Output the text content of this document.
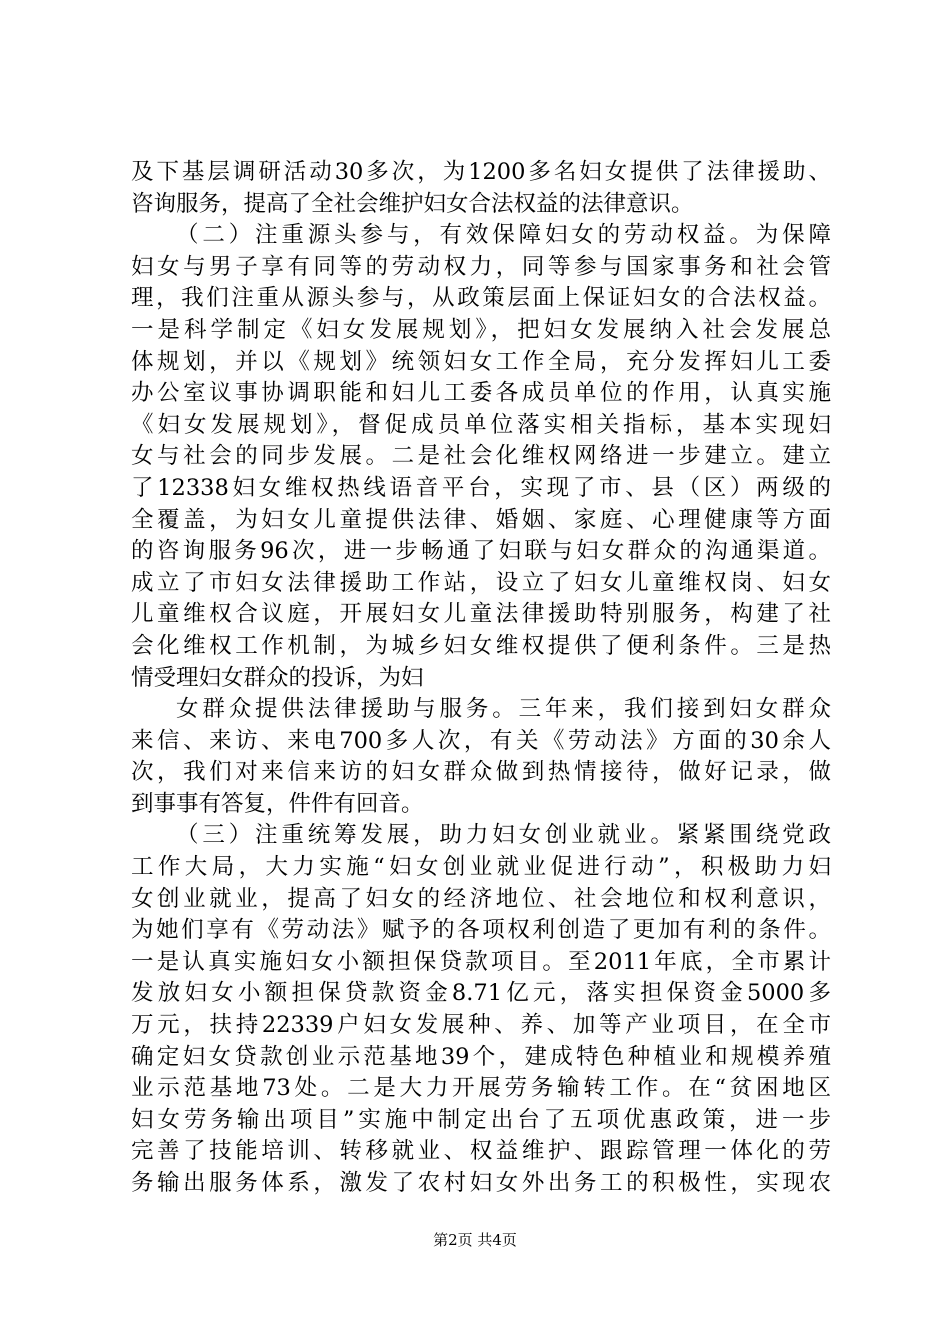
及下基层调研活动30多次，为1200多名妇女提供了法律援助、
咨询服务，提高了全社会维护妇女合法权益的法律意识。
（二）注重源头参与，有效保障妇女的劳动权益。为保障
妇女与男子享有同等的劳动权力，同等参与国家事务和社会管
理，我们注重从源头参与，从政策层面上保证妇女的合法权益。
一是科学制定《妇女发展规划》，把妇女发展纳入社会发展总
体规划，并以《规划》统领妇女工作全局，充分发挥妇儿工委
办公室议事协调职能和妇儿工委各成员单位的作用，认真实施
《妇女发展规划》，督促成员单位落实相关指标，基本实现妇
女与社会的同步发展。二是社会化维权网络进一步建立。建立
了12338妇女维权热线语音平台，实现了市、县（区）两级的
全覆盖，为妇女儿童提供法律、婚姻、家庭、心理健康等方面
的咨询服务96次，进一步畅通了妇联与妇女群众的沟通渠道。
成立了市妇女法律援助工作站，设立了妇女儿童维权岗、妇女
儿童维权合议庭，开展妇女儿童法律援助特别服务，构建了社
会化维权工作机制，为城乡妇女维权提供了便利条件。三是热
情受理妇女群众的投诉，为妇
女群众提供法律援助与服务。三年来，我们接到妇女群众
来信、来访、来电700多人次，有关《劳动法》方面的30余人
次，我们对来信来访的妇女群众做到热情接待，做好记录，做
到事事有答复，件件有回音。
（三）注重统筹发展，助力妇女创业就业。紧紧围绕党政
工作大局，大力实施“妇女创业就业促进行动”，积极助力妇
女创业就业，提高了妇女的经济地位、社会地位和权利意识，
为她们享有《劳动法》赋予的各项权利创造了更加有利的条件。
一是认真实施妇女小额担保贷款项目。至2011年底，全市累计
发放妇女小额担保贷款资金8.71亿元，落实担保资金5000多
万元，扶持22339户妇女发展种、养、加等产业项目，在全市
确定妇女贷款创业示范基地39个，建成特色种植业和规模养殖
业示范基地73处。二是大力开展劳务输转工作。在“贫困地区
妇女劳务输出项目”实施中制定出台了五项优惠政策，进一步
完善了技能培训、转移就业、权益维护、跟踪管理一体化的劳
务输出服务体系，激发了农村妇女外出务工的积极性，实现农
第2页 共4页
